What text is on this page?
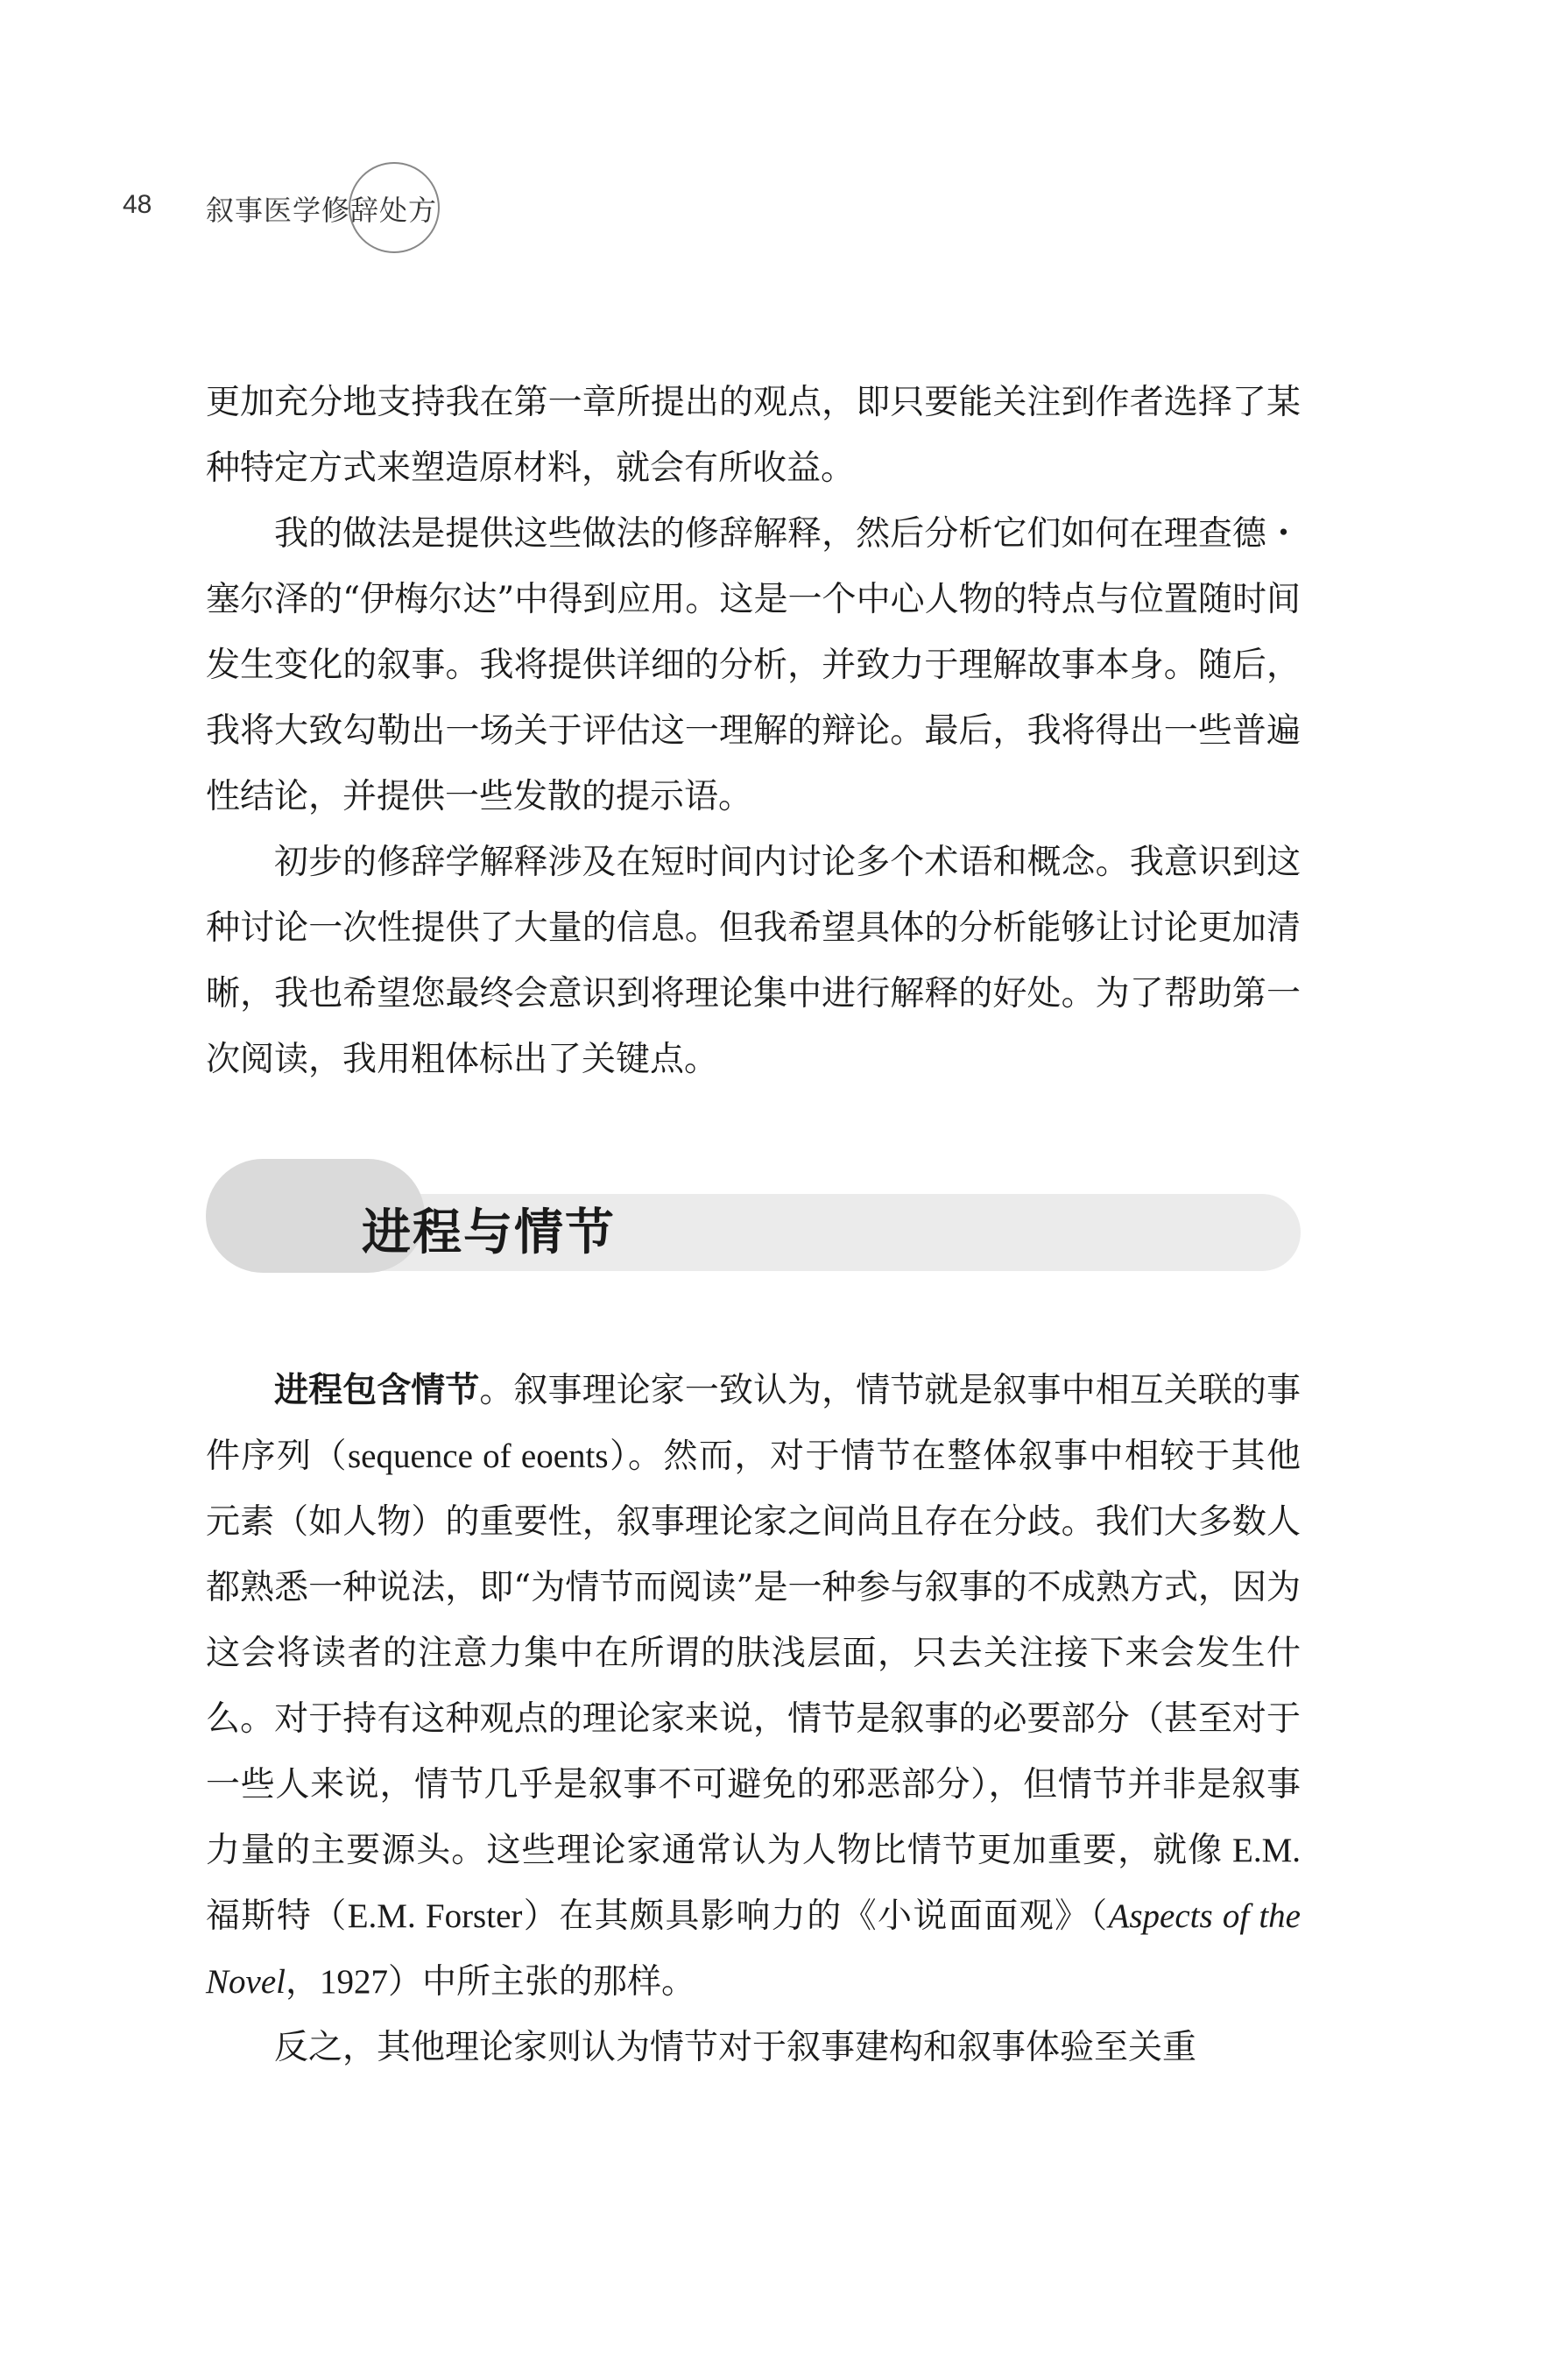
48 叙事医学修辞处方

更加充分地支持我在第一章所提出的观点，即只要能关注到作者选择了某种特定方式来塑造原材料，就会有所收益。

我的做法是提供这些做法的修辞解释，然后分析它们如何在理查德・塞尔泽的“伊梅尔达”中得到应用。这是一个中心人物的特点与位置随时间发生变化的叙事。我将提供详细的分析，并致力于理解故事本身。随后，我将大致勾勒出一场关于评估这一理解的辩论。最后，我将得出一些普遍性结论，并提供一些发散的提示语。

初步的修辞学解释涉及在短时间内讨论多个术语和概念。我意识到这种讨论一次性提供了大量的信息。但我希望具体的分析能够让讨论更加清晰，我也希望您最终会意识到将理论集中进行解释的好处。为了帮助第一次阅读，我用粗体标出了关键点。

进程与情节

进程包含情节。叙事理论家一致认为，情节就是叙事中相互关联的事件序列（sequence of eoents）。然而，对于情节在整体叙事中相较于其他元素（如人物）的重要性，叙事理论家之间尚且存在分歧。我们大多数人都熟悉一种说法，即“为情节而阅读”是一种参与叙事的不成熟方式，因为这会将读者的注意力集中在所谓的肤浅层面，只去关注接下来会发生什么。对于持有这种观点的理论家来说，情节是叙事的必要部分（甚至对于一些人来说，情节几乎是叙事不可避免的邪恶部分），但情节并非是叙事力量的主要源头。这些理论家通常认为人物比情节更加重要，就像 E.M. 福斯特（E.M. Forster）在其颇具影响力的《小说面面观》（Aspects of the Novel，1927）中所主张的那样。

反之，其他理论家则认为情节对于叙事建构和叙事体验至关重
